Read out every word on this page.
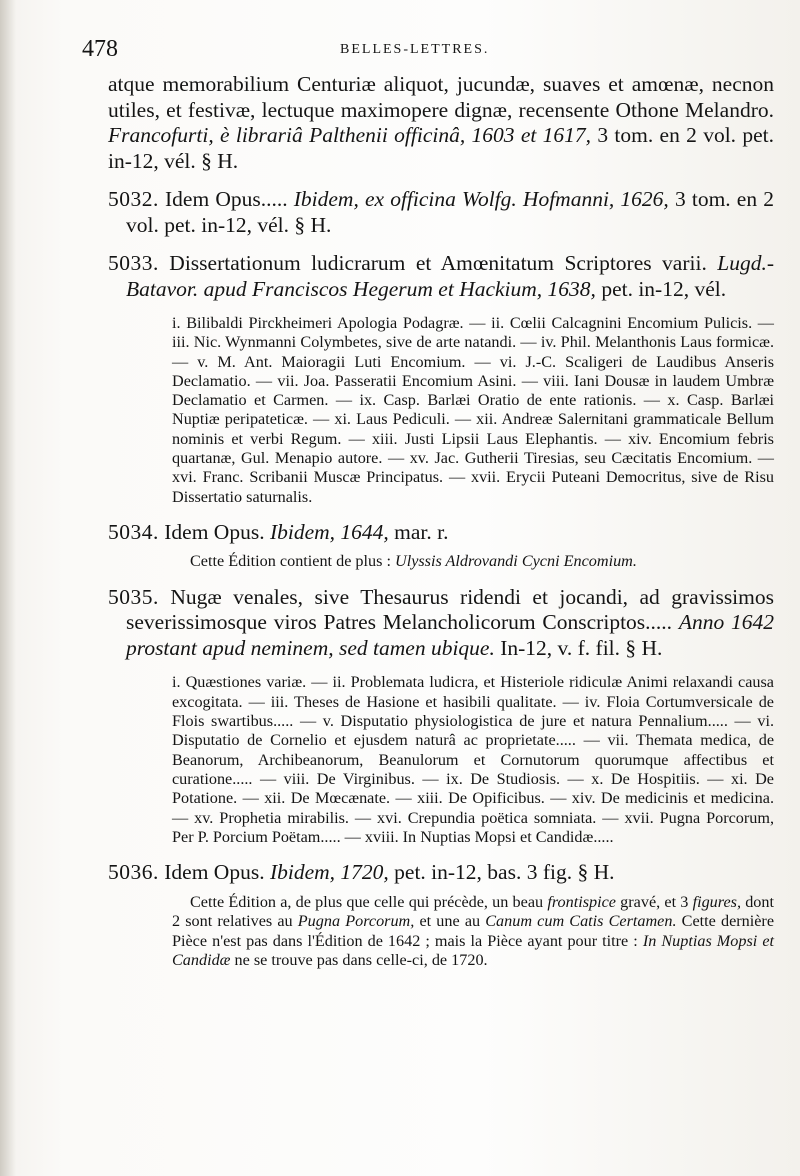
478	BELLES-LETTRES.

atque memorabilium Centuriæ aliquot, jucundæ, suaves et amœnæ, necnon utiles, et festivæ, lectuque maximopere dignæ, recensente Othone Melandro. Francofurti, è librariâ Palthenii officinâ, 1603 et 1617, 3 tom. en 2 vol. pet. in-12, vél. § H.

5032. Idem Opus..... Ibidem, ex officina Wolfg. Hofmanni, 1626, 3 tom. en 2 vol. pet. in-12, vél. § H.

5033. Dissertationum ludicrarum et Amœnitatum Scriptores varii. Lugd.-Batavor. apud Franciscos Hegerum et Hackium, 1638, pet. in-12, vél.

i. Bilibaldi Pirckheimeri Apologia Podagræ. — ii. Cœlii Calcagnini Encomium Pulicis. — iii. Nic. Wynmanni Colymbetes, sive de arte natandi. — iv. Phil. Melanthonis Laus formicæ. — v. M. Ant. Maioragii Luti Encomium. — vi. J.-C. Scaligeri de Laudibus Anseris Declamatio. — vii. Joa. Passeratii Encomium Asini. — viii. Iani Dousæ in laudem Umbræ Declamatio et Carmen. — ix. Casp. Barlæi Oratio de ente rationis. — x. Casp. Barlæi Nuptiæ peripateticæ. — xi. Laus Pediculi. — xii. Andreæ Salernitani grammaticale Bellum nominis et verbi Regum. — xiii. Justi Lipsii Laus Elephantis. — xiv. Encomium febris quartanæ, Gul. Menapio autore. — xv. Jac. Gutherii Tiresias, seu Cæcitatis Encomium. — xvi. Franc. Scribanii Muscæ Principatus. — xvii. Erycii Puteani Democritus, sive de Risu Dissertatio saturnalis.

5034. Idem Opus. Ibidem, 1644, mar. r.

Cette Édition contient de plus : Ulyssis Aldrovandi Cycni Encomium.

5035. Nugæ venales, sive Thesaurus ridendi et jocandi, ad gravissimos severissimosque viros Patres Melancholicorum Conscriptos..... Anno 1642 prostant apud neminem, sed tamen ubique. In-12, v. f. fil. § H.

i. Quæstiones variæ. — ii. Problemata ludicra, et Histeriole ridiculæ Animi relaxandi causa excogitata. — iii. Theses de Hasione et hasibili qualitate. — iv. Floia Cortumversicale de Flois swartibus..... — v. Disputatio physiologistica de jure et natura Pennalium..... — vi. Disputatio de Cornelio et ejusdem naturâ ac proprietate..... — vii. Themata medica, de Beanorum, Archibeanorum, Beanulorum et Cornutorum quorumque affectibus et curatione..... — viii. De Virginibus. — ix. De Studiosis. — x. De Hospitiis. — xi. De Potatione. — xii. De Mœcænate. — xiii. De Opificibus. — xiv. De medicinis et medicina. — xv. Prophetia mirabilis. — xvi. Crepundia poëtica somniata. — xvii. Pugna Porcorum, Per P. Porcium Poëtam..... — xviii. In Nuptias Mopsi et Candidæ.....

5036. Idem Opus. Ibidem, 1720, pet. in-12, bas. 3 fig. § H.

Cette Édition a, de plus que celle qui précède, un beau frontispice gravé, et 3 figures, dont 2 sont relatives au Pugna Porcorum, et une au Canum cum Catis Certamen. Cette dernière Pièce n'est pas dans l'Édition de 1642 ; mais la Pièce ayant pour titre : In Nuptias Mopsi et Candidæ ne se trouve pas dans celle-ci, de 1720.
